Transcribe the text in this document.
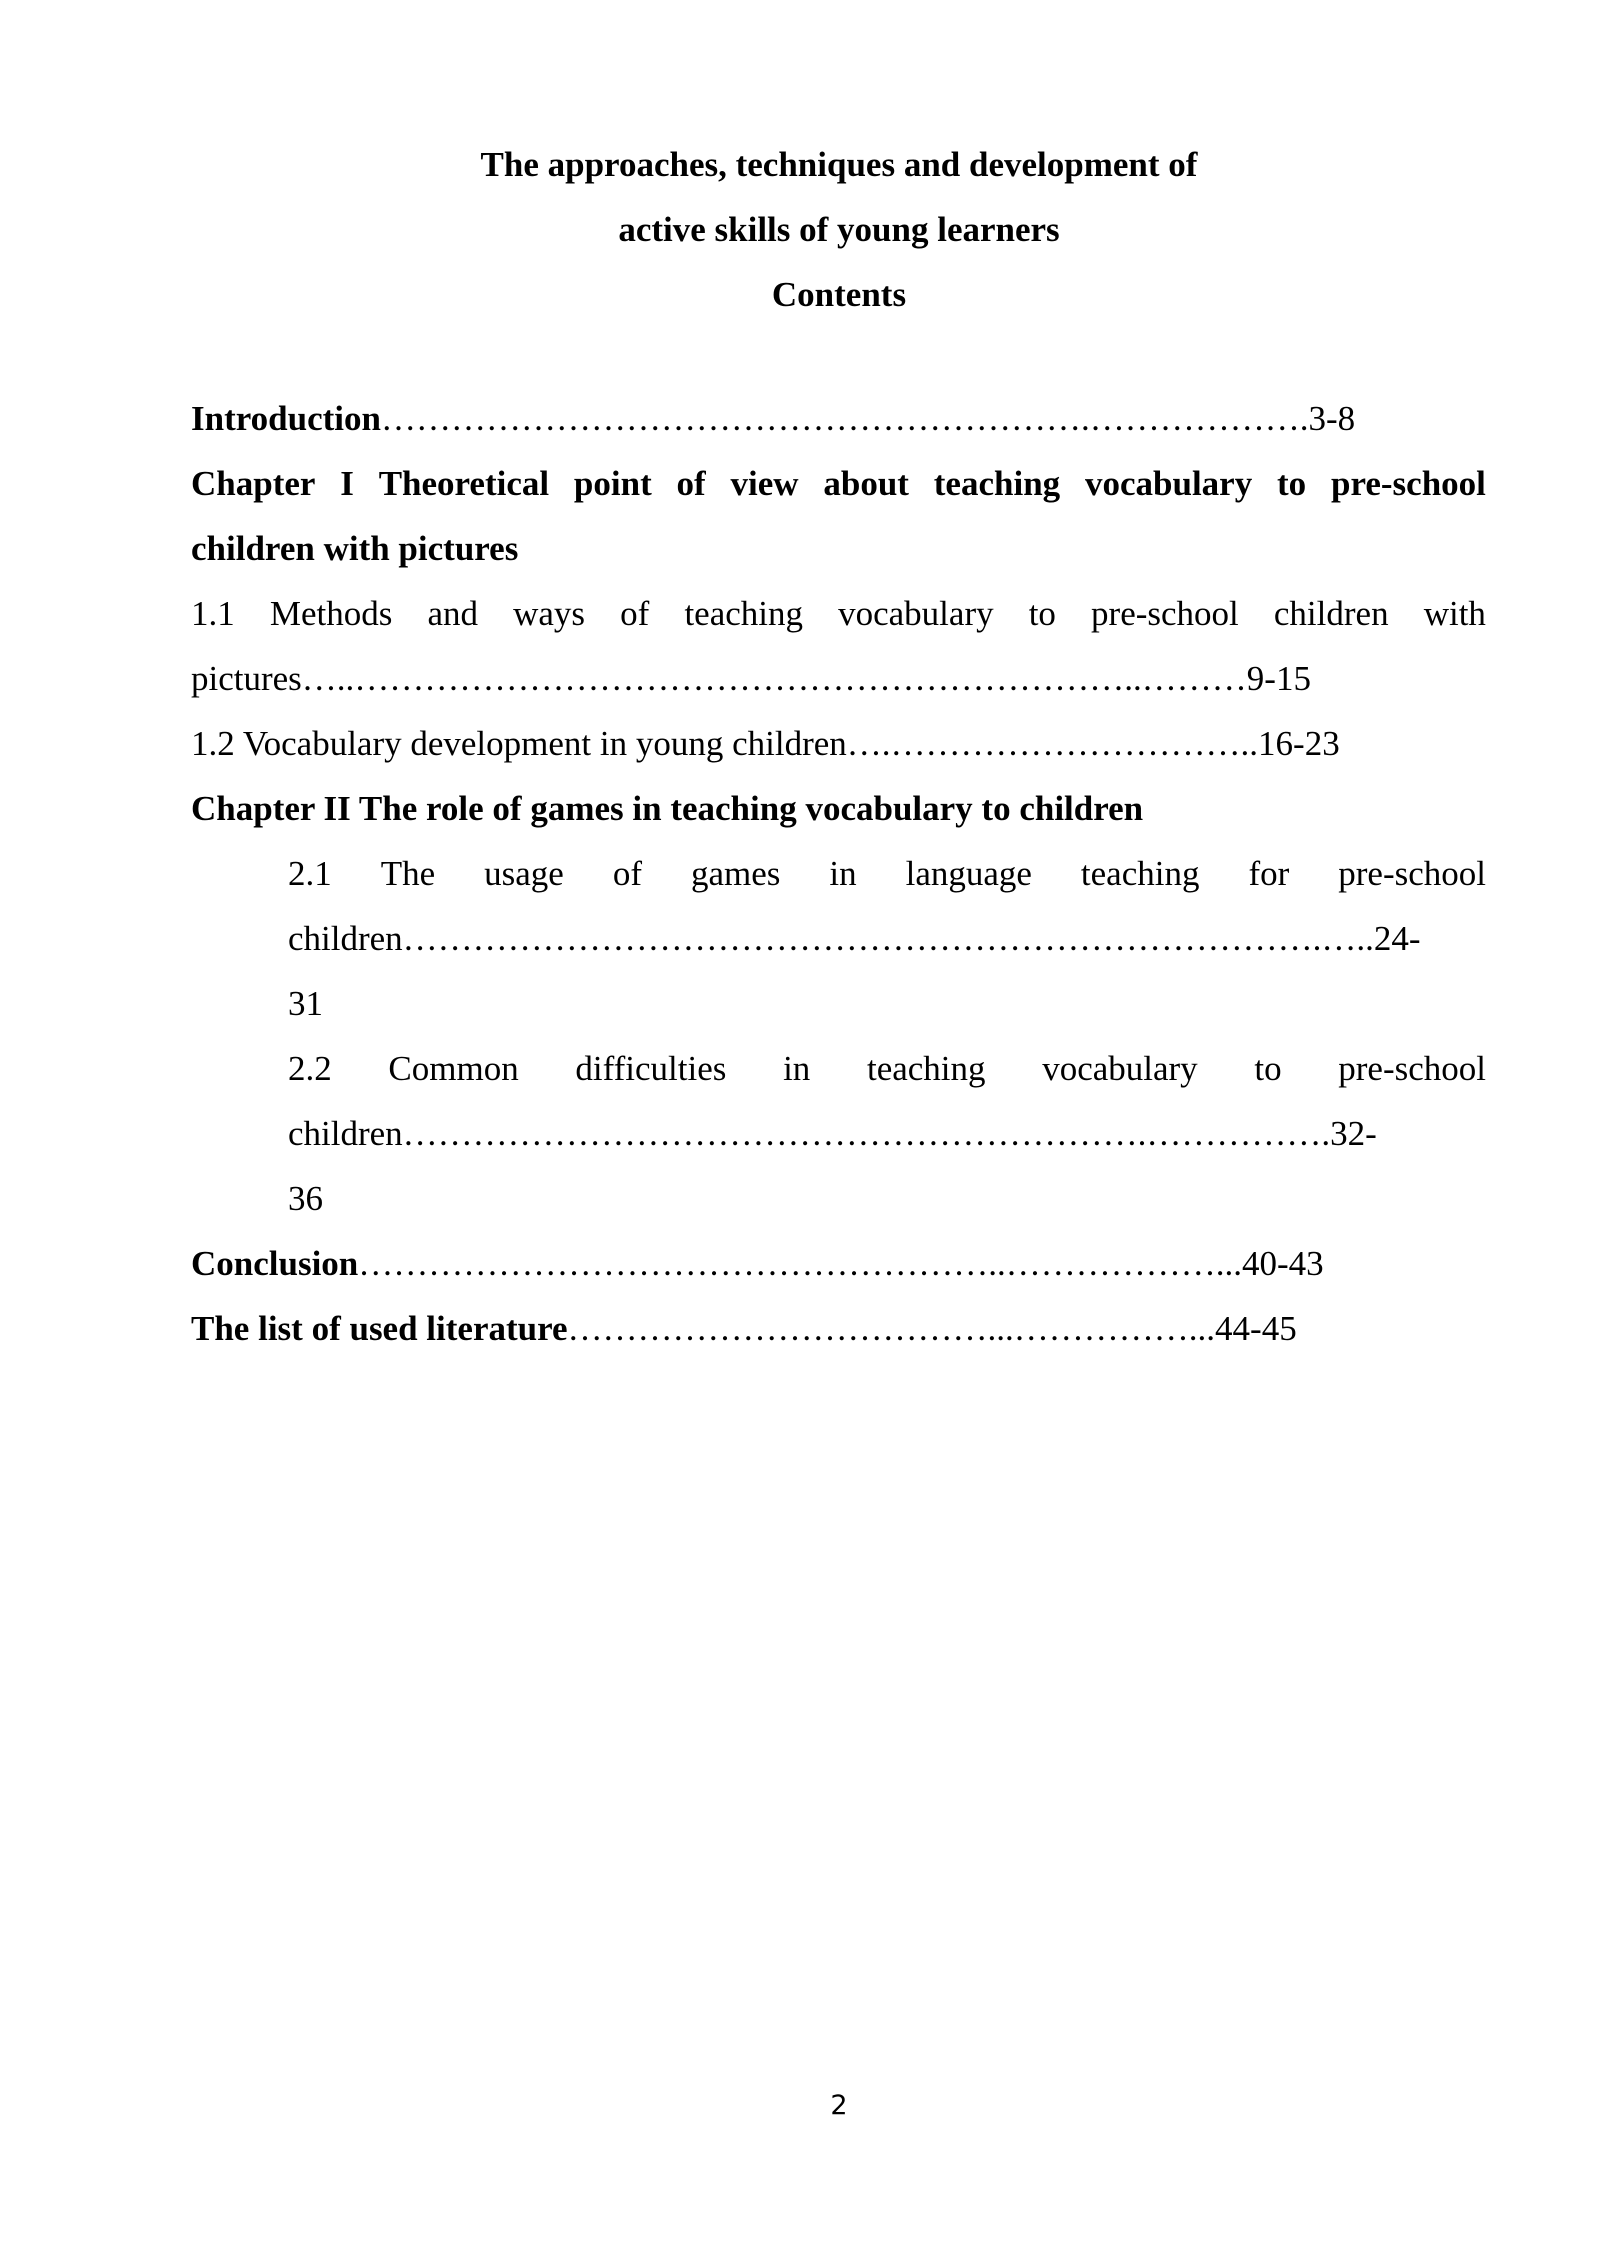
The approaches, techniques and development of
active skills of young learners
Contents
Introduction…………………………………………………….……………….3-8
Chapter I Theoretical point of view about teaching vocabulary to pre-school
children with pictures
1.1 Methods and ways of teaching vocabulary to pre-school children with
pictures…..…………………………………………………………..………9-15
1.2 Vocabulary development in young children….…………………………..16-23
Chapter II The role of games in teaching vocabulary to children
2.1 The usage of games in language teaching for pre-school
children…………………………………………………………………….…..24-
31
2.2 Common difficulties in teaching vocabulary to pre-school
children……………………………………………………….…………….32-
36
Conclusion………………………………………………..………………...40-43
The list of used literature………………………………...……………...44-45
2
